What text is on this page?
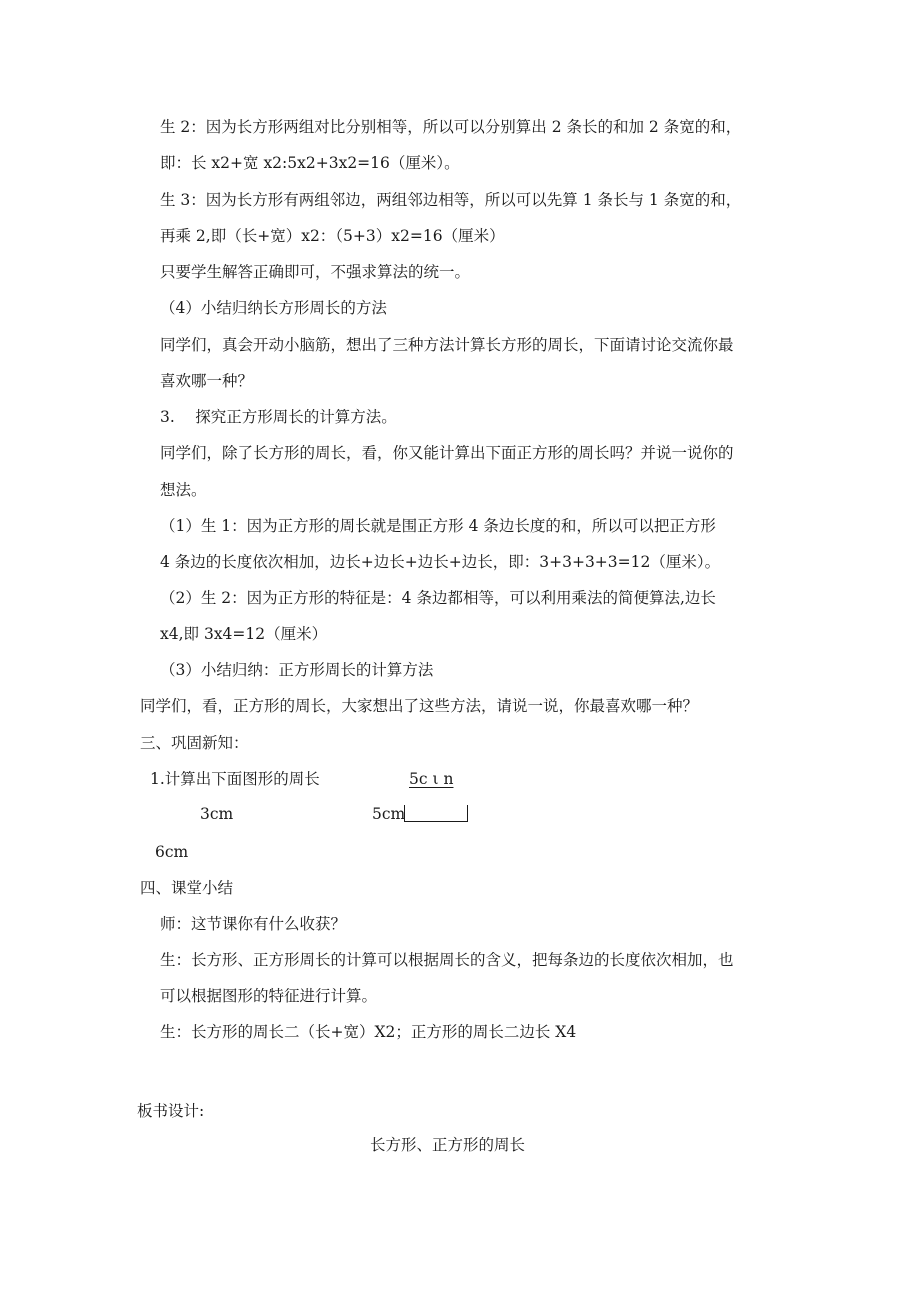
生 2：因为长方形两组对比分别相等，所以可以分别算出 2 条长的和加 2 条宽的和，
即：长 x2+宽 x2:5x2+3x2=16（厘米）。
生 3：因为长方形有两组邻边，两组邻边相等，所以可以先算 1 条长与 1 条宽的和，
再乘 2,即（长+宽）x2：（5+3）x2=16（厘米）
只要学生解答正确即可，不强求算法的统一。
（4）小结归纳长方形周长的方法
同学们，真会开动小脑筋，想出了三种方法计算长方形的周长，下面请讨论交流你最
喜欢哪一种？
3.　 探究正方形周长的计算方法。
同学们，除了长方形的周长，看，你又能计算出下面正方形的周长吗？并说一说你的
想法。
（1）生 1：因为正方形的周长就是围正方形 4 条边长度的和，所以可以把正方形
4 条边的长度依次相加，边长+边长+边长+边长，即：3+3+3+3=12（厘米）。
（2）生 2：因为正方形的特征是：4 条边都相等，可以利用乘法的简便算法,边长
x4,即 3x4=12（厘米）
（3）小结归纳：正方形周长的计算方法
同学们，看，正方形的周长，大家想出了这些方法，请说一说，你最喜欢哪一种？
三、巩固新知：
1.计算出下面图形的周长	5c ι n
3cm	5cm
6cm
四、课堂小结
师：这节课你有什么收获？
生：长方形、正方形周长的计算可以根据周长的含义，把每条边的长度依次相加，也
可以根据图形的特征进行计算。
生：长方形的周长二（长+宽）X2；正方形的周长二边长 X4
板书设计:
长方形、正方形的周长
